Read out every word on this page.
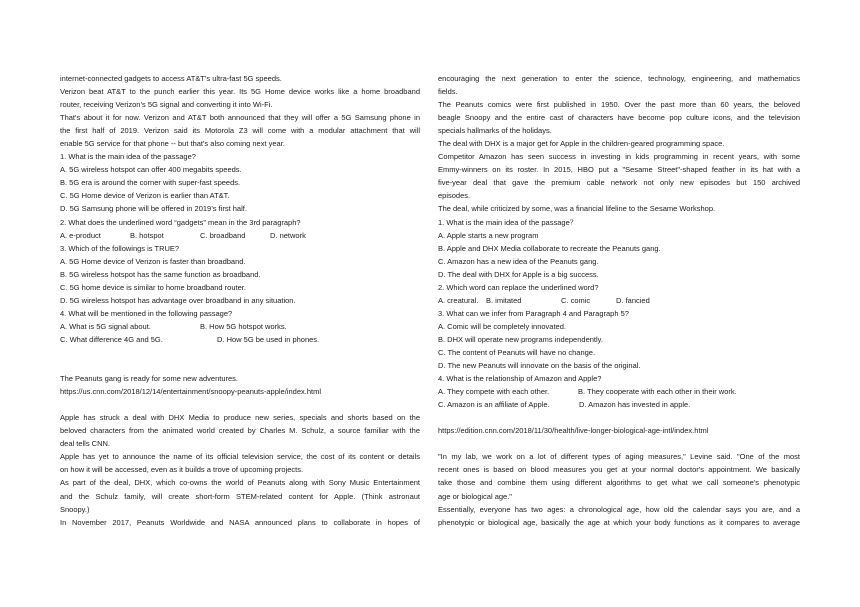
internet-connected gadgets to access AT&T's ultra-fast 5G speeds.
Verizon beat AT&T to the punch earlier this year. Its 5G Home device works like a home broadband
router, receiving Verizon’s 5G signal and converting it into Wi-Fi.
That's about it for now. Verizon and AT&T both announced that they will offer a 5G Samsung phone in
the first half of 2019. Verizon said its Motorola Z3 will come with a modular attachment that will
enable 5G service for that phone -- but that's also coming next year.
1. What is the main idea of the passage?
A. 5G wireless hotspot can offer 400 megabits speeds.
B. 5G era is around the corner with super-fast speeds.
C. 5G Home device of Verizon is earlier than AT&T.
D. 5G Samsung phone will be offered in 2019’s first half.
2. What does the underlined word “gadgets” mean in the 3rd paragraph?
A. e-product	B. hotspot	C. broadband	D. network
3. Which of the followings is TRUE?
A. 5G Home device of Verizon is faster than broadband.
B. 5G wireless hotspot has the same function as broadband.
C. 5G home device is similar to home broadband router.
D. 5G wireless hotspot has advantage over broadband in any situation.
4. What will be mentioned in the following passage?
A. What is 5G signal about.	B. How 5G hotspot works.
C. What difference 4G and 5G.	D. How 5G be used in phones.
The Peanuts gang is ready for some new adventures.
https://us.cnn.com/2018/12/14/entertainment/snoopy-peanuts-apple/index.html
Apple has struck a deal with DHX Media to produce new series, specials and shorts based on the
beloved characters from the animated world created by Charles M. Schulz, a source familiar with the
deal tells CNN.
Apple has yet to announce the name of its official television service, the cost of its content or details
on how it will be accessed, even as it builds a trove of upcoming projects.
As part of the deal, DHX, which co-owns the world of Peanuts along with Sony Music Entertainment
and the Schulz family, will create short-form STEM-related content for Apple. (Think astronaut
Snoopy.)
In November 2017, Peanuts Worldwide and NASA announced plans to collaborate in hopes of
encouraging the next generation to enter the science, technology, engineering, and mathematics
fields.
The Peanuts comics were first published in 1950. Over the past more than 60 years, the beloved
beagle Snoopy and the entire cast of characters have become pop culture icons, and the television
specials hallmarks of the holidays.
The deal with DHX is a major get for Apple in the children-geared programming space.
Competitor Amazon has seen success in investing in kids programming in recent years, with some
Emmy-winners on its roster. In 2015, HBO put a "Sesame Street"-shaped feather in its hat with a
five-year deal that gave the premium cable network not only new episodes but 150 archived
episodes.
The deal, while criticized by some, was a financial lifeline to the Sesame Workshop.
1. What is the main idea of the passage？
A. Apple starts a new program
B. Apple and DHX Media collaborate to recreate the Peanuts gang.
C. Amazon has a new idea of the Peanuts gang.
D. The deal with DHX for Apple is a big success.
2. Which word can replace the underlined word?
A. creatural. B. imitated	C. comic	D. fancied
3. What can we infer from Paragraph 4 and Paragraph 5?
A. Comic will be completely innovated.
B. DHX will operate new programs independently.
C. The content of Peanuts will have no change.
D. The new Peanuts will innovate on the basis of the original.
4. What is the relationship of Amazon and Apple?
A. They compete with each other.	B. They cooperate with each other in their work.
C. Amazon is an affiliate of Apple.	D. Amazon has invested in apple.
https://edition.cnn.com/2018/11/30/health/live-longer-biological-age-intl/index.html
"In my lab, we work on a lot of different types of aging measures," Levine said. "One of the most
recent ones is based on blood measures you get at your normal doctor's appointment. We basically
take those and combine them using different algorithms to get what we call someone's phenotypic
age or biological age."
Essentially, everyone has two ages: a chronological age, how old the calendar says you are, and a
phenotypic or biological age, basically the age at which your body functions as it compares to average
